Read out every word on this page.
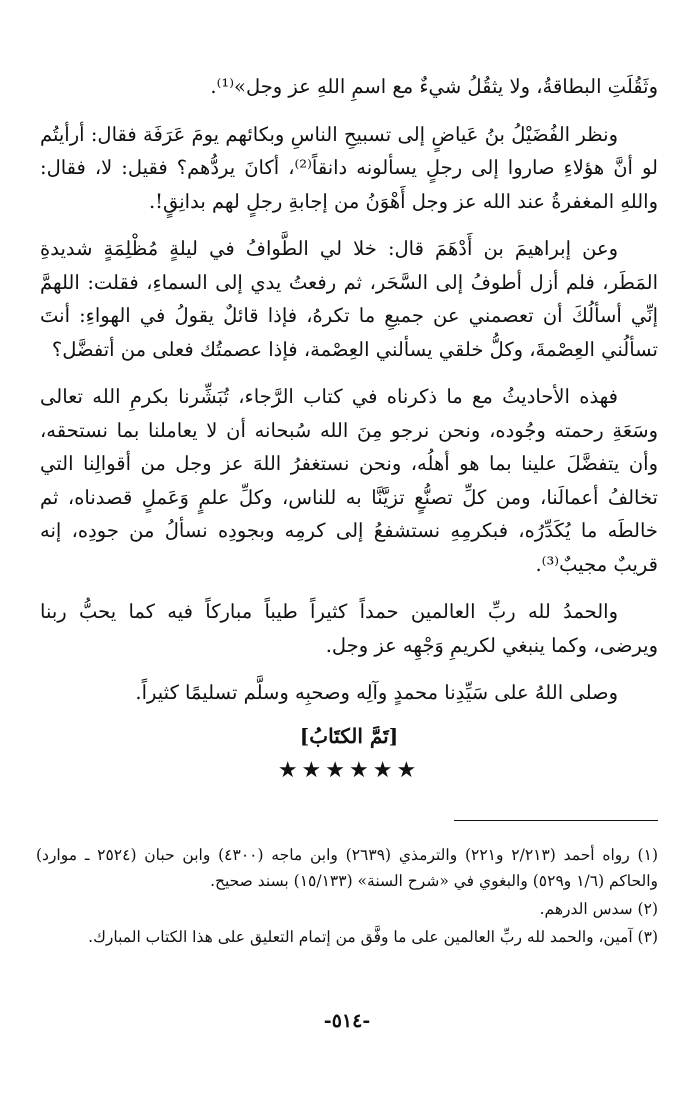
وثَقُلَتِ البطاقةُ، ولا يثقُلُ شيءٌ مع اسمِ اللهِ عز وجل»⁽¹⁾.

ونظر الفُضَيْلُ بنُ عَياضٍ إلى تسبيحِ الناسِ وبكائهم يومَ عَرَفَة فقال: أرأيتُم لو أنَّ هؤلاءِ صاروا إلى رجلٍ يسألونه دانقاً⁽²⁾، أكانَ يردُّهم؟ فقيل: لا، فقال: واللهِ المغفرةُ عند الله عز وجل أَهْوَنُ من إجابةِ رجلٍ لهم بدانِقٍ!.

وعن إبراهيمَ بن أَدْهَمَ قال: خلا لي الطَّوافُ في ليلةٍ مُظْلِمَةٍ شديدةِ المَطَر، فلم أزل أطوفُ إلى السَّحَر، ثم رفعتُ يدي إلى السماءِ، فقلت: اللهمَّ إنِّي أسألُكَ أن تعصمني عن جميعِ ما تكرهُ، فإذا قائلٌ يقولُ في الهواءِ: أنتَ تسألُني العِصْمةَ، وكلُّ خلقي يسألني العِصْمة، فإذا عصمتُك فعلى من أتفضَّل؟

فهذه الأحاديثُ مع ما ذكرناه في كتاب الرَّجاء، تُبَشِّرنا بكرمِ الله تعالى وسَعَةِ رحمته وجُوده، ونحن نرجو مِنَ الله سُبحانه أن لا يعاملنا بما نستحقه، وأن يتفضَّلَ علينا بما هو أهلُه، ونحن نستغفرُ اللهَ عز وجل من أقوالِنا التي تخالفُ أعمالَنا، ومن كلِّ تصنُّعٍ تزيَّنَّا به للناس، وكلِّ علمٍ وَعَملٍ قصدناه، ثم خالطَه ما يُكَدِّرُه، فبكرمِهِ نستشفعُ إلى كرمِه وبجودِه نسألُ من جودِه، إنه قريبٌ مجيبٌ⁽³⁾.

والحمدُ لله ربِّ العالمين حمداً كثيراً طيباً مباركاً فيه كما يحبُّ ربنا ويرضى، وكما ينبغي لكريمِ وَجْهِه عز وجل.

وصلى اللهُ على سَيِّدِنا محمدٍ وآلِه وصحبِه وسلَّم تسليمًا كثيراً.

[تَمَّ الكتَابُ]
★★★★★★

(١) رواه أحمد (٢/٢١٣ و٢٢١) والترمذي (٢٦٣٩) وابن ماجه (٤٣٠٠) وابن حبان (٢٥٢٤ ـ موارد) والحاكم (١/٦ و٥٢٩) والبغوي في «شرح السنة» (١٥/١٣٣) بسند صحيح.

(٢) سدس الدرهم.

(٣) آمين، والحمد لله ربِّ العالمين على ما وفَّق من إتمام التعليق على هذا الكتاب المبارك.

-٥١٤-
